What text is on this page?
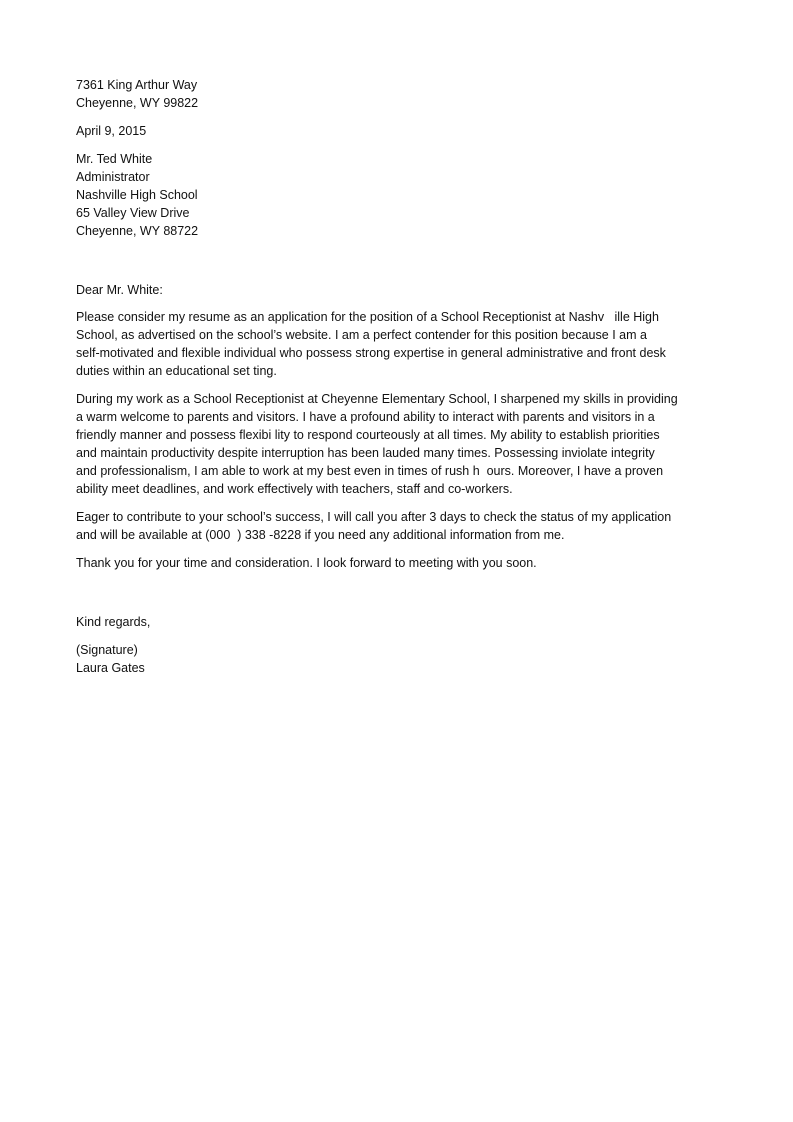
7361 King Arthur Way
Cheyenne, WY 99822
April 9, 2015
Mr. Ted White
Administrator
Nashville High School
65 Valley View Drive
Cheyenne, WY 88722
Dear Mr. White:
Please consider my resume as an application for the position of a School Receptionist at Nashv   ille High
School, as advertised on the school’s website. I am a perfect contender for this position because I am a
self-motivated and flexible individual who possess strong expertise in general administrative and front desk
duties within an educational set ting.
During my work as a School Receptionist at Cheyenne Elementary School, I sharpened my skills in providing
a warm welcome to parents and visitors. I have a profound ability to interact with parents and visitors in a
friendly manner and possess flexibi lity to respond courteously at all times. My ability to establish priorities
and maintain productivity despite interruption has been lauded many times. Possessing inviolate integrity
and professionalism, I am able to work at my best even in times of rush h  ours. Moreover, I have a proven
ability meet deadlines, and work effectively with teachers, staff and co-workers.
Eager to contribute to your school’s success, I will call you after 3 days to check the status of my application
and will be available at (000  ) 338 -8228 if you need any additional information from me.
Thank you for your time and consideration. I look forward to meeting with you soon.
Kind regards,
(Signature)
Laura Gates
